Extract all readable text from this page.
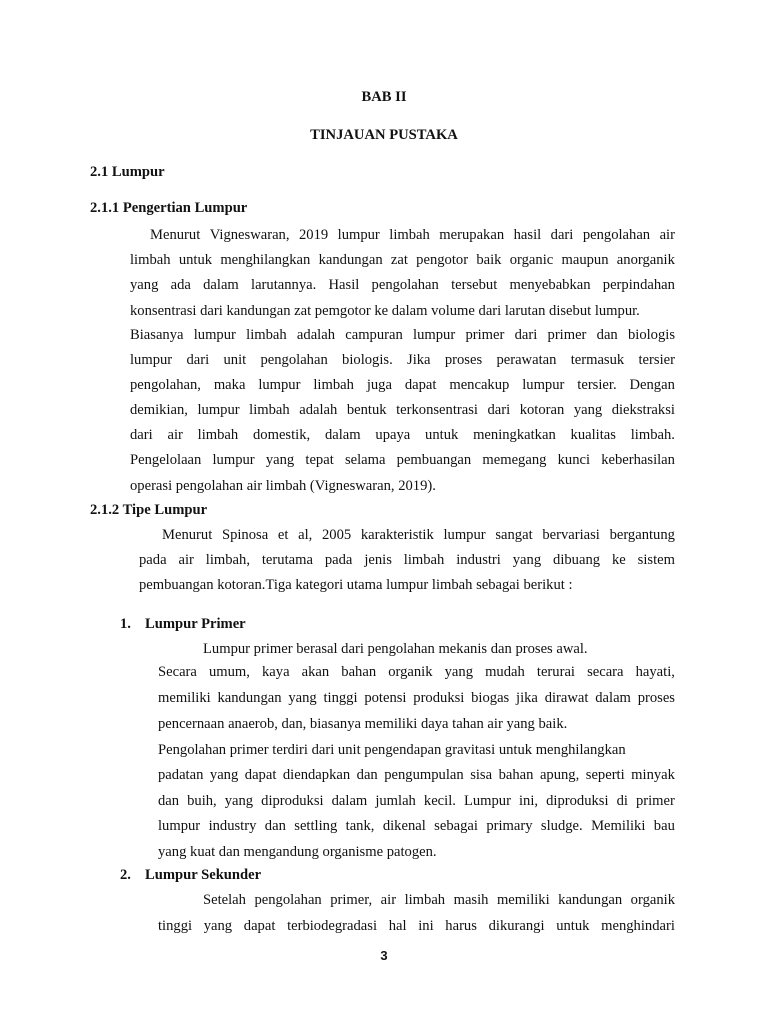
BAB II
TINJAUAN PUSTAKA
2.1 Lumpur
2.1.1 Pengertian Lumpur
Menurut Vigneswaran, 2019 lumpur limbah merupakan hasil dari pengolahan air
limbah untuk menghilangkan kandungan zat pengotor baik organic maupun anorganik
yang ada dalam larutannya. Hasil pengolahan tersebut menyebabkan perpindahan
konsentrasi dari kandungan zat pemgotor ke dalam volume dari larutan disebut lumpur.
Biasanya lumpur limbah adalah campuran lumpur primer dari primer dan biologis
lumpur dari unit pengolahan biologis. Jika proses perawatan termasuk tersier
pengolahan, maka lumpur limbah juga dapat mencakup lumpur tersier. Dengan
demikian, lumpur limbah adalah bentuk terkonsentrasi dari kotoran yang diekstraksi
dari air limbah domestik, dalam upaya untuk meningkatkan kualitas limbah.
Pengelolaan lumpur yang tepat selama pembuangan memegang kunci keberhasilan
operasi pengolahan air limbah (Vigneswaran, 2019).
2.1.2 Tipe Lumpur
Menurut Spinosa et al, 2005 karakteristik lumpur sangat bervariasi bergantung
pada air limbah, terutama pada jenis limbah industri yang dibuang ke sistem
pembuangan kotoran.Tiga kategori utama lumpur limbah sebagai berikut :
1. Lumpur Primer
Lumpur primer berasal dari pengolahan mekanis dan proses awal.
Secara umum, kaya akan bahan organik yang mudah terurai secara hayati,
memiliki kandungan yang tinggi potensi produksi biogas jika dirawat dalam proses
pencernaan anaerob, dan, biasanya memiliki daya tahan air yang baik.
Pengolahan primer terdiri dari unit pengendapan gravitasi untuk menghilangkan
padatan yang dapat diendapkan dan pengumpulan sisa bahan apung, seperti minyak
dan buih, yang diproduksi dalam jumlah kecil. Lumpur ini, diproduksi di primer
lumpur industry dan settling tank, dikenal sebagai primary sludge. Memiliki bau
yang kuat dan mengandung organisme patogen.
2. Lumpur Sekunder
Setelah pengolahan primer, air limbah masih memiliki kandungan organik
tinggi yang dapat terbiodegradasi hal ini harus dikurangi untuk menghindari
3
